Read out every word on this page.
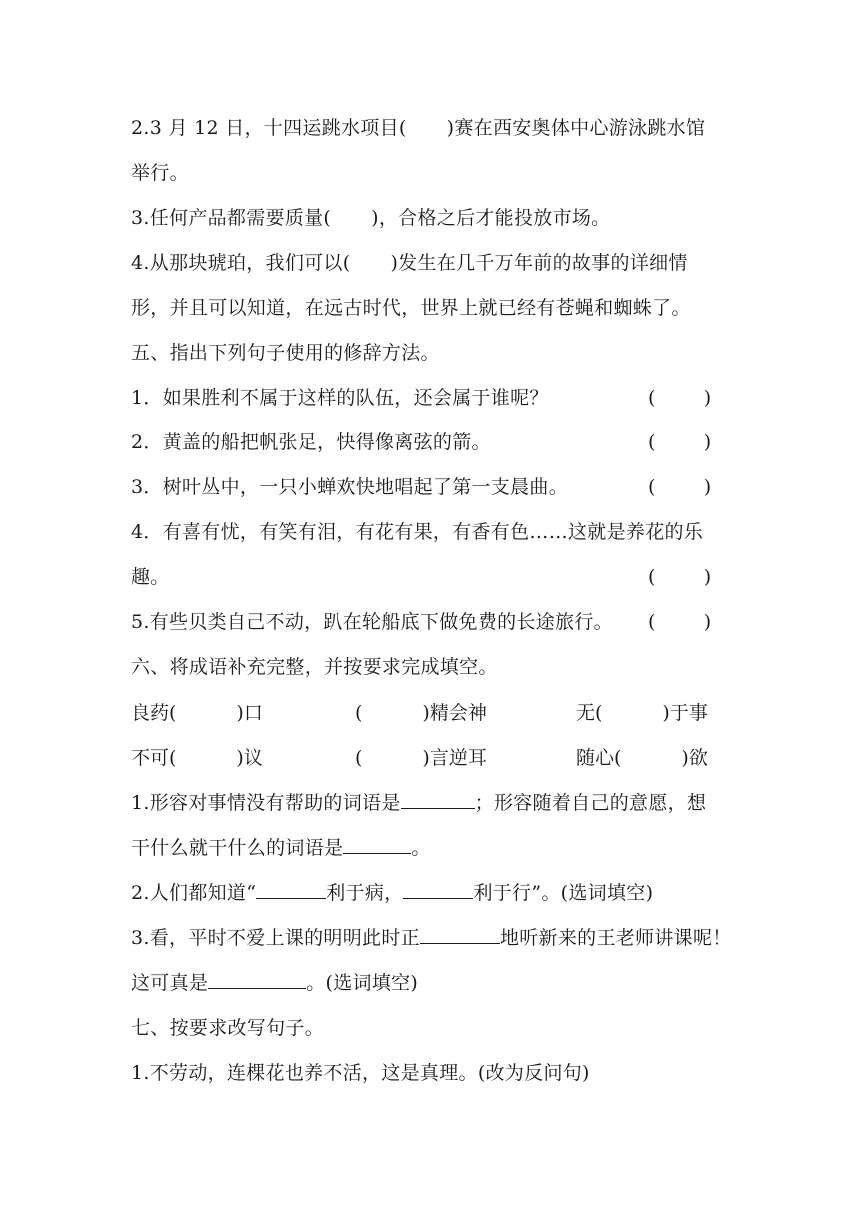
2.3 月 12 日，十四运跳水项目( )赛在西安奥体中心游泳跳水馆
举行。
3.任何产品都需要质量( )，合格之后才能投放市场。
4.从那块琥珀，我们可以( )发生在几千万年前的故事的详细情
形，并且可以知道，在远古时代，世界上就已经有苍蝇和蜘蛛了。
五、指出下列句子使用的修辞方法。
1．如果胜利不属于这样的队伍，还会属于谁呢？	(        )
2．黄盖的船把帆张足，快得像离弦的箭。	(        )
3．树叶丛中，一只小蝉欢快地唱起了第一支晨曲。	(        )
4．有喜有忧，有笑有泪，有花有果，有香有色……这就是养花的乐
趣。	(        )
5.有些贝类自己不动，趴在轮船底下做免费的长途旅行。 (        )
六、将成语补充完整，并按要求完成填空。
良药(	)口	(	)精会神	无(	)于事
不可(	)议	(	)言逆耳	随心(	)欲
1.形容对事情没有帮助的词语是	；形容随着自己的意愿，想
干什么就干什么的词语是	。
2.人们都知道“	利于病，	利于行”。(选词填空)
3.看，平时不爱上课的明明此时正	地听新来的王老师讲课呢！
这可真是	。(选词填空)
七、按要求改写句子。
1.不劳动，连棵花也养不活，这是真理。(改为反问句)
